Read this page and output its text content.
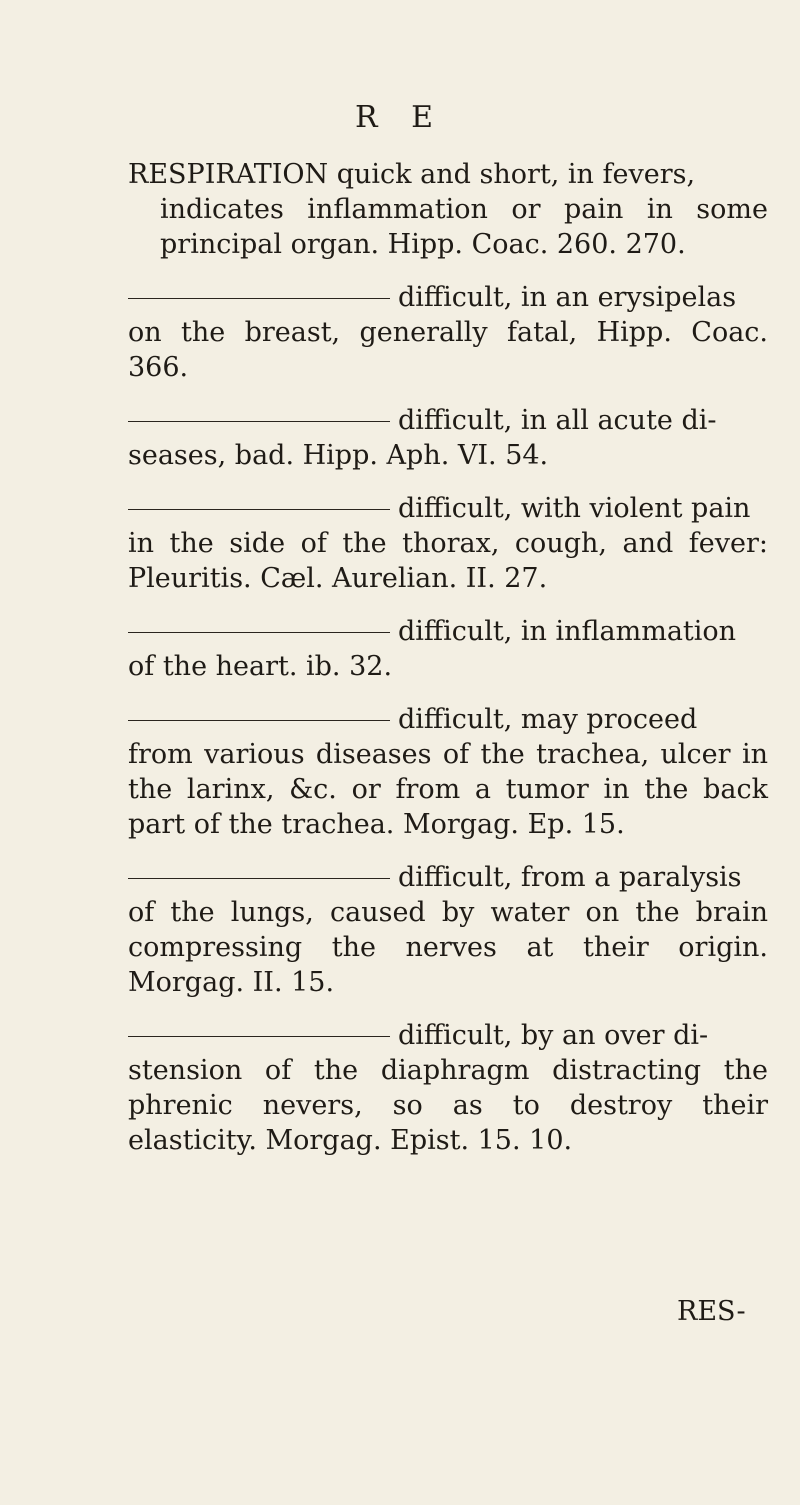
R E

RESPIRATION quick and short, in fevers,
indicates inflammation or pain in some principal organ. Hipp. Coac. 260. 270.

difficult, in an erysipelas
on the breast, generally fatal, Hipp. Coac. 366.

difficult, in all acute di-
seases, bad. Hipp. Aph. VI. 54.

difficult, with violent pain
in the side of the thorax, cough, and fever: Pleuritis. Cæl. Aurelian. II. 27.

difficult, in inflammation
of the heart. ib. 32.

difficult, may proceed
from various diseases of the trachea, ulcer in the larinx, &c. or from a tumor in the back part of the trachea. Morgag. Ep. 15.

difficult, from a paralysis
of the lungs, caused by water on the brain compressing the nerves at their origin. Morgag. II. 15.

difficult, by an over di-
stension of the diaphragm distracting the phrenic nevers, so as to destroy their elasticity. Morgag. Epist. 15. 10.

RES-
